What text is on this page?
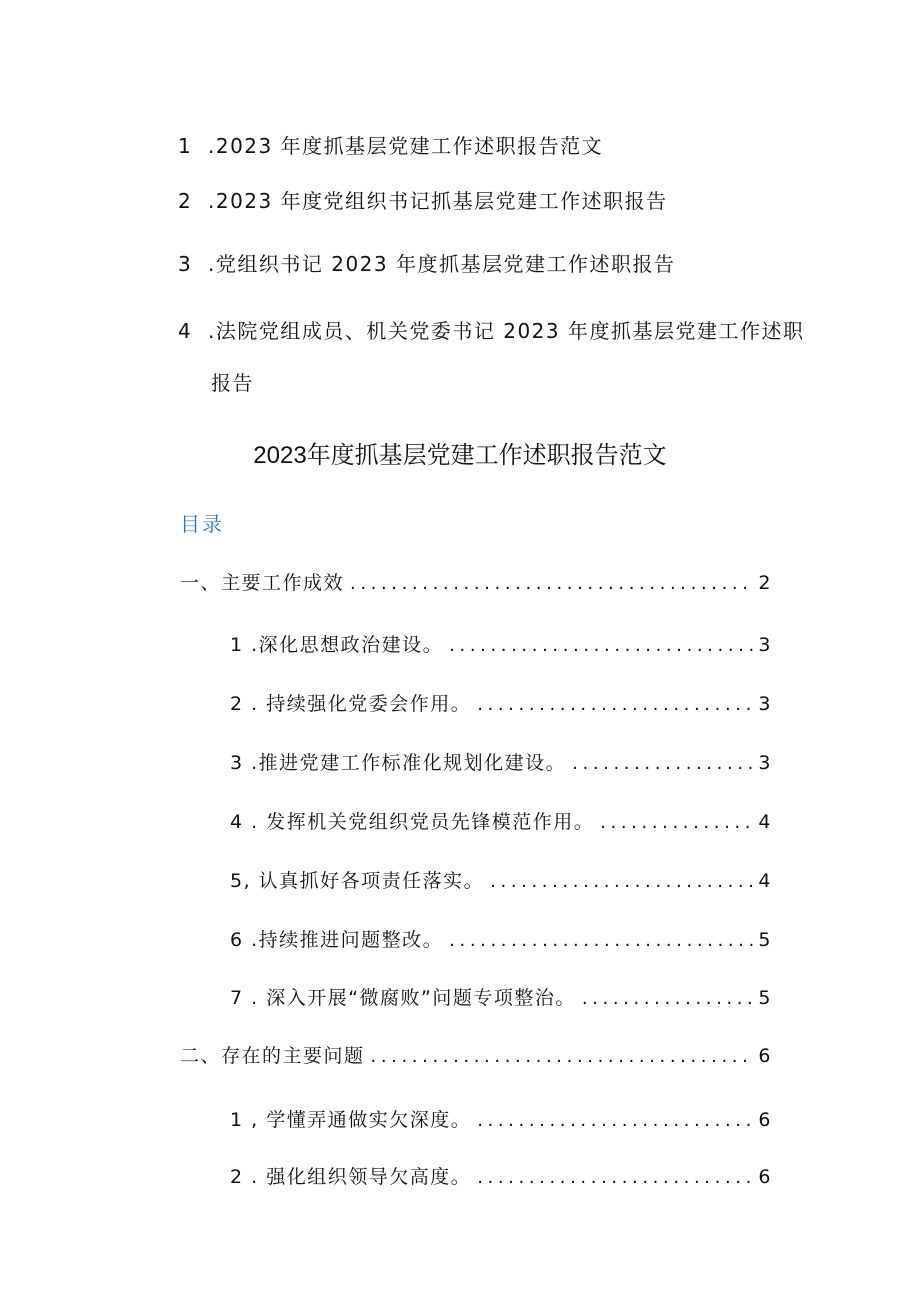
1 .2023 年度抓基层党建工作述职报告范文
2 .2023 年度党组织书记抓基层党建工作述职报告
3 .党组织书记 2023 年度抓基层党建工作述职报告
4 .法院党组成员、机关党委书记 2023 年度抓基层党建工作述职
报告
2023年度抓基层党建工作述职报告范文
目录
一、主要工作成效 .....	2
1 .深化思想政治建设。 .....	3
2 . 持续强化党委会作用。 .....	3
3 .推进党建工作标准化规划化建设。 .....	3
4 . 发挥机关党组织党员先锋模范作用。 .....	4
5, 认真抓好各项责任落实。 .....	4
6 .持续推进问题整改。 .....	5
7 . 深入开展“微腐败”问题专项整治。 .....	5
二、存在的主要问题 .....	6
1 , 学懂弄通做实欠深度。 .....	6
2 . 强化组织领导欠高度。 .....	6
